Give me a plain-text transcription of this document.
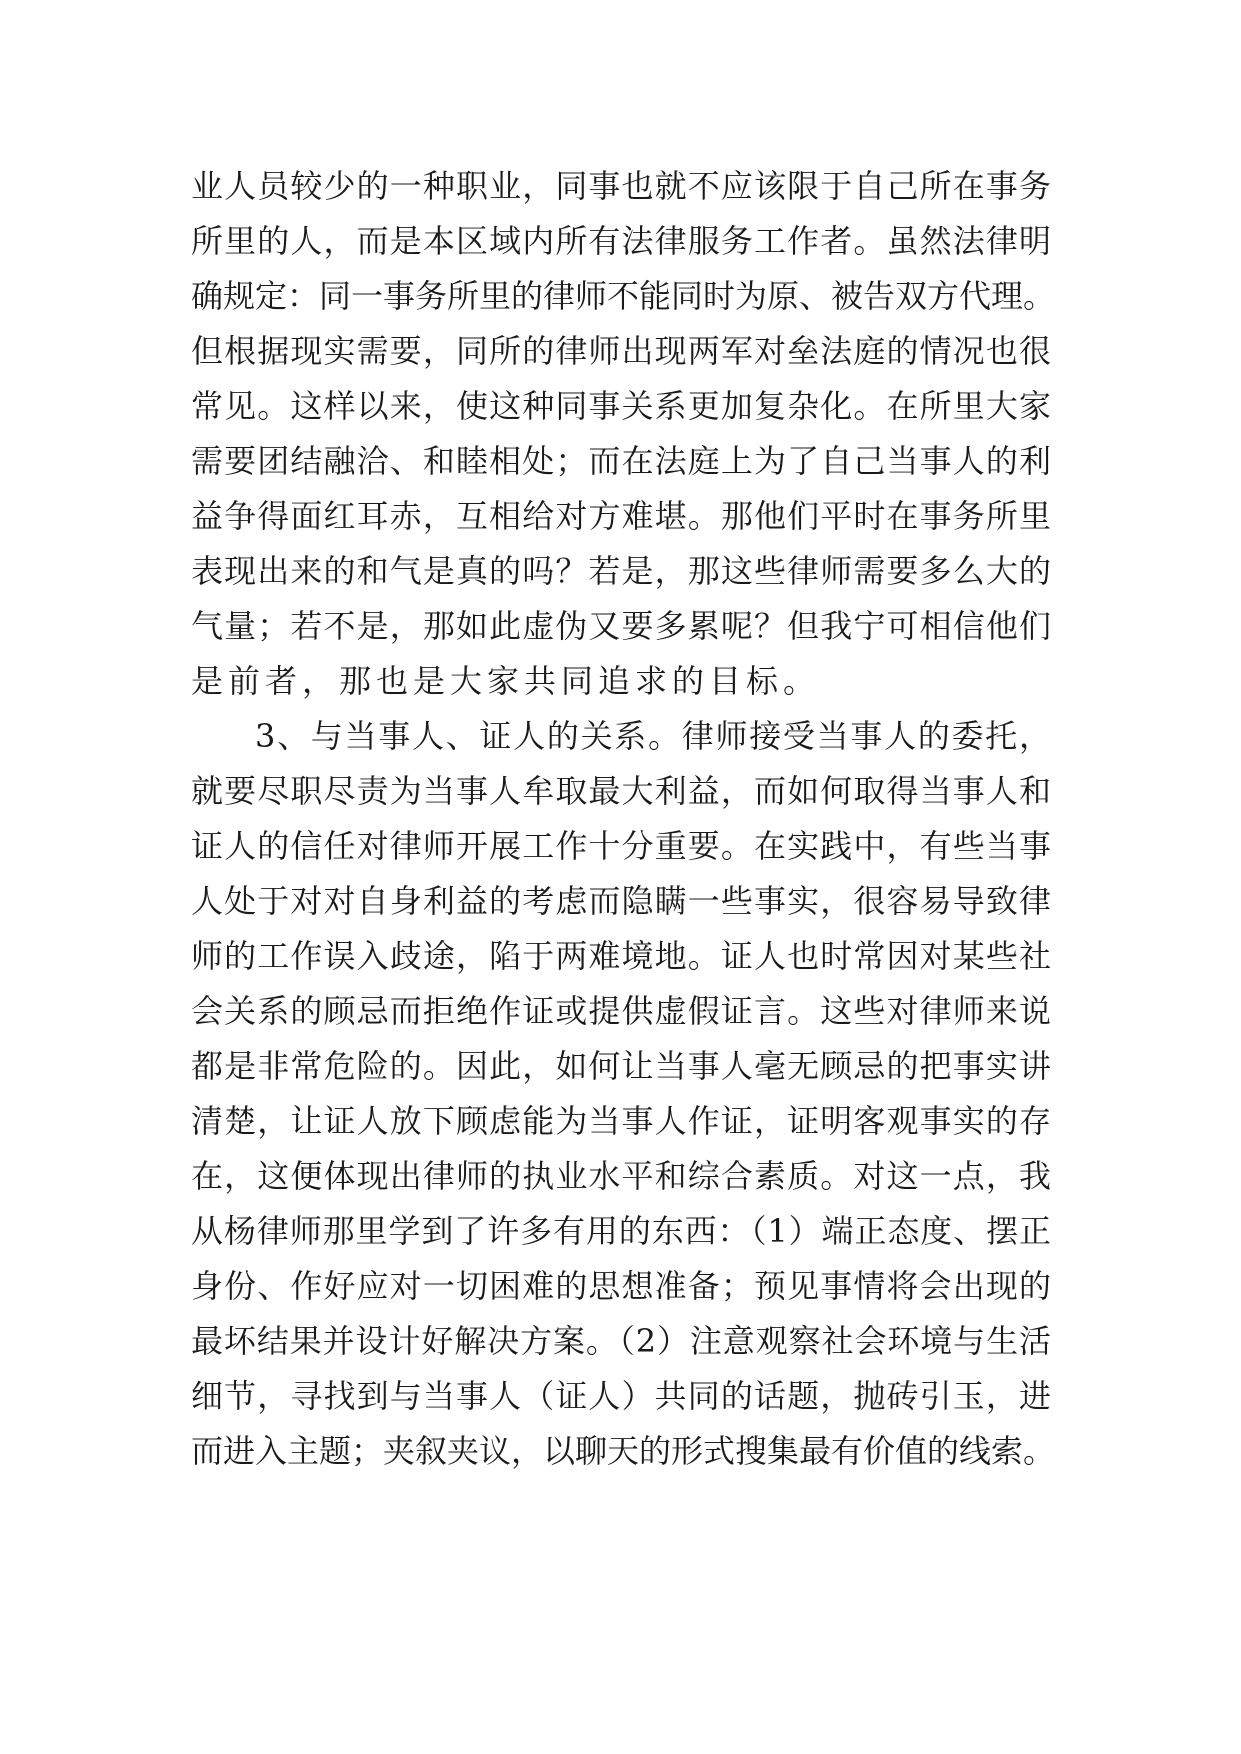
业人员较少的一种职业，同事也就不应该限于自己所在事务
所里的人，而是本区域内所有法律服务工作者。虽然法律明
确规定：同一事务所里的律师不能同时为原、被告双方代理。
但根据现实需要，同所的律师出现两军对垒法庭的情况也很
常见。这样以来，使这种同事关系更加复杂化。在所里大家
需要团结融洽、和睦相处；而在法庭上为了自己当事人的利
益争得面红耳赤，互相给对方难堪。那他们平时在事务所里
表现出来的和气是真的吗？若是，那这些律师需要多么大的
气量；若不是，那如此虚伪又要多累呢？但我宁可相信他们
是前者，那也是大家共同追求的目标。
3、与当事人、证人的关系。律师接受当事人的委托，
就要尽职尽责为当事人牟取最大利益，而如何取得当事人和
证人的信任对律师开展工作十分重要。在实践中，有些当事
人处于对对自身利益的考虑而隐瞒一些事实，很容易导致律
师的工作误入歧途，陷于两难境地。证人也时常因对某些社
会关系的顾忌而拒绝作证或提供虚假证言。这些对律师来说
都是非常危险的。因此，如何让当事人毫无顾忌的把事实讲
清楚，让证人放下顾虑能为当事人作证，证明客观事实的存
在，这便体现出律师的执业水平和综合素质。对这一点，我
从杨律师那里学到了许多有用的东西：（1）端正态度、摆正
身份、作好应对一切困难的思想准备；预见事情将会出现的
最坏结果并设计好解决方案。（2）注意观察社会环境与生活
细节，寻找到与当事人（证人）共同的话题，抛砖引玉，进
而进入主题；夹叙夹议，以聊天的形式搜集最有价值的线索。
